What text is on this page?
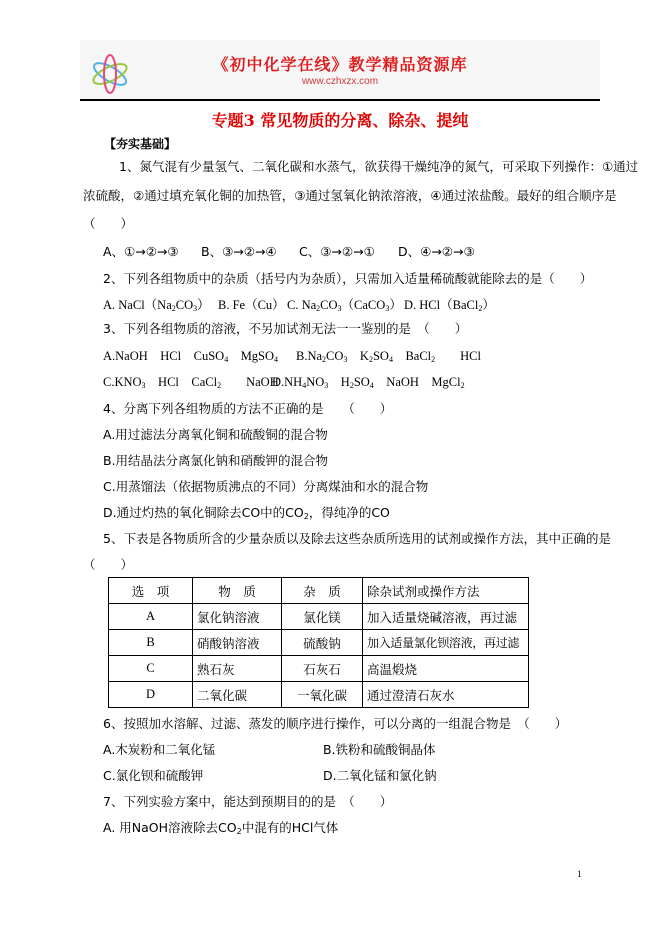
《初中化学在线》教学精品资源库
www.czhxzx.com
专题3 常见物质的分离、除杂、提纯
【夯实基础】
1、氮气混有少量氢气、二氧化碳和水蒸气，欲获得干燥纯净的氮气，可采取下列操作：①通过
浓硫酸，②通过填充氧化铜的加热管，③通过氢氧化钠浓溶液，④通过浓盐酸。最好的组合顺序是
（　　）
A、①→②→③ B、③→②→④ C、③→②→① D、④→②→③
2、下列各组物质中的杂质（括号内为杂质），只需加入适量稀硫酸就能除去的是（　　）
A. $NaCl(Na_2CO_3)$ B. Fe（Cu） C. $Na_2CO_3(CaCO_3)$ D. HCl（BaCl$_2$）
3、下列各组物质的溶液，不另加试剂无法一一鉴别的是　（　　）
A.NaOH　HCl　CuSO$_4$　MgSO$_4$ $B.Na_2CO_3$　$K_2SO_4$　BaCl$_2$　　HCl
$C.KNO_3$　HCl　CaCl$_2$　　NaOH
$D.NH_4NO_3$　$H_2SO_4$　NaOH　MgCl$_2$
4、分离下列各组物质的方法不正确的是　　（　　）
A.用过滤法分离氧化铜和硫酸铜的混合物
B.用结晶法分离氯化钠和硝酸钾的混合物
C.用蒸馏法（依据物质沸点的不同）分离煤油和水的混合物
D.通过灼热的氧化铜除去CO中的$CO_2$，得纯净的CO
5、下表是各物质所含的少量杂质以及除去这些杂质所选用的试剂或操作方法，其中正确的是
（　　）
选　项	物　质	杂　质	除杂试剂或操作方法
A	氯化钠溶液	氯化镁	加入适量烧碱溶液，再过滤
B	硝酸钠溶液	硫酸钠	加入适量氯化钡溶液，再过滤
C	熟石灰	石灰石	高温煅烧
D	二氧化碳	一氧化碳	通过澄清石灰水
6、按照加水溶解、过滤、蒸发的顺序进行操作，可以分离的一组混合物是　（　　）
A.木炭粉和二氧化锰	B.铁粉和硫酸铜晶体
C.氯化钡和硫酸钾	D.二氧化锰和氯化钠
7、下列实验方案中，能达到预期目的的是　（　　）
A. 用NaOH溶液除去$CO_2$中混有的HCl气体
1
